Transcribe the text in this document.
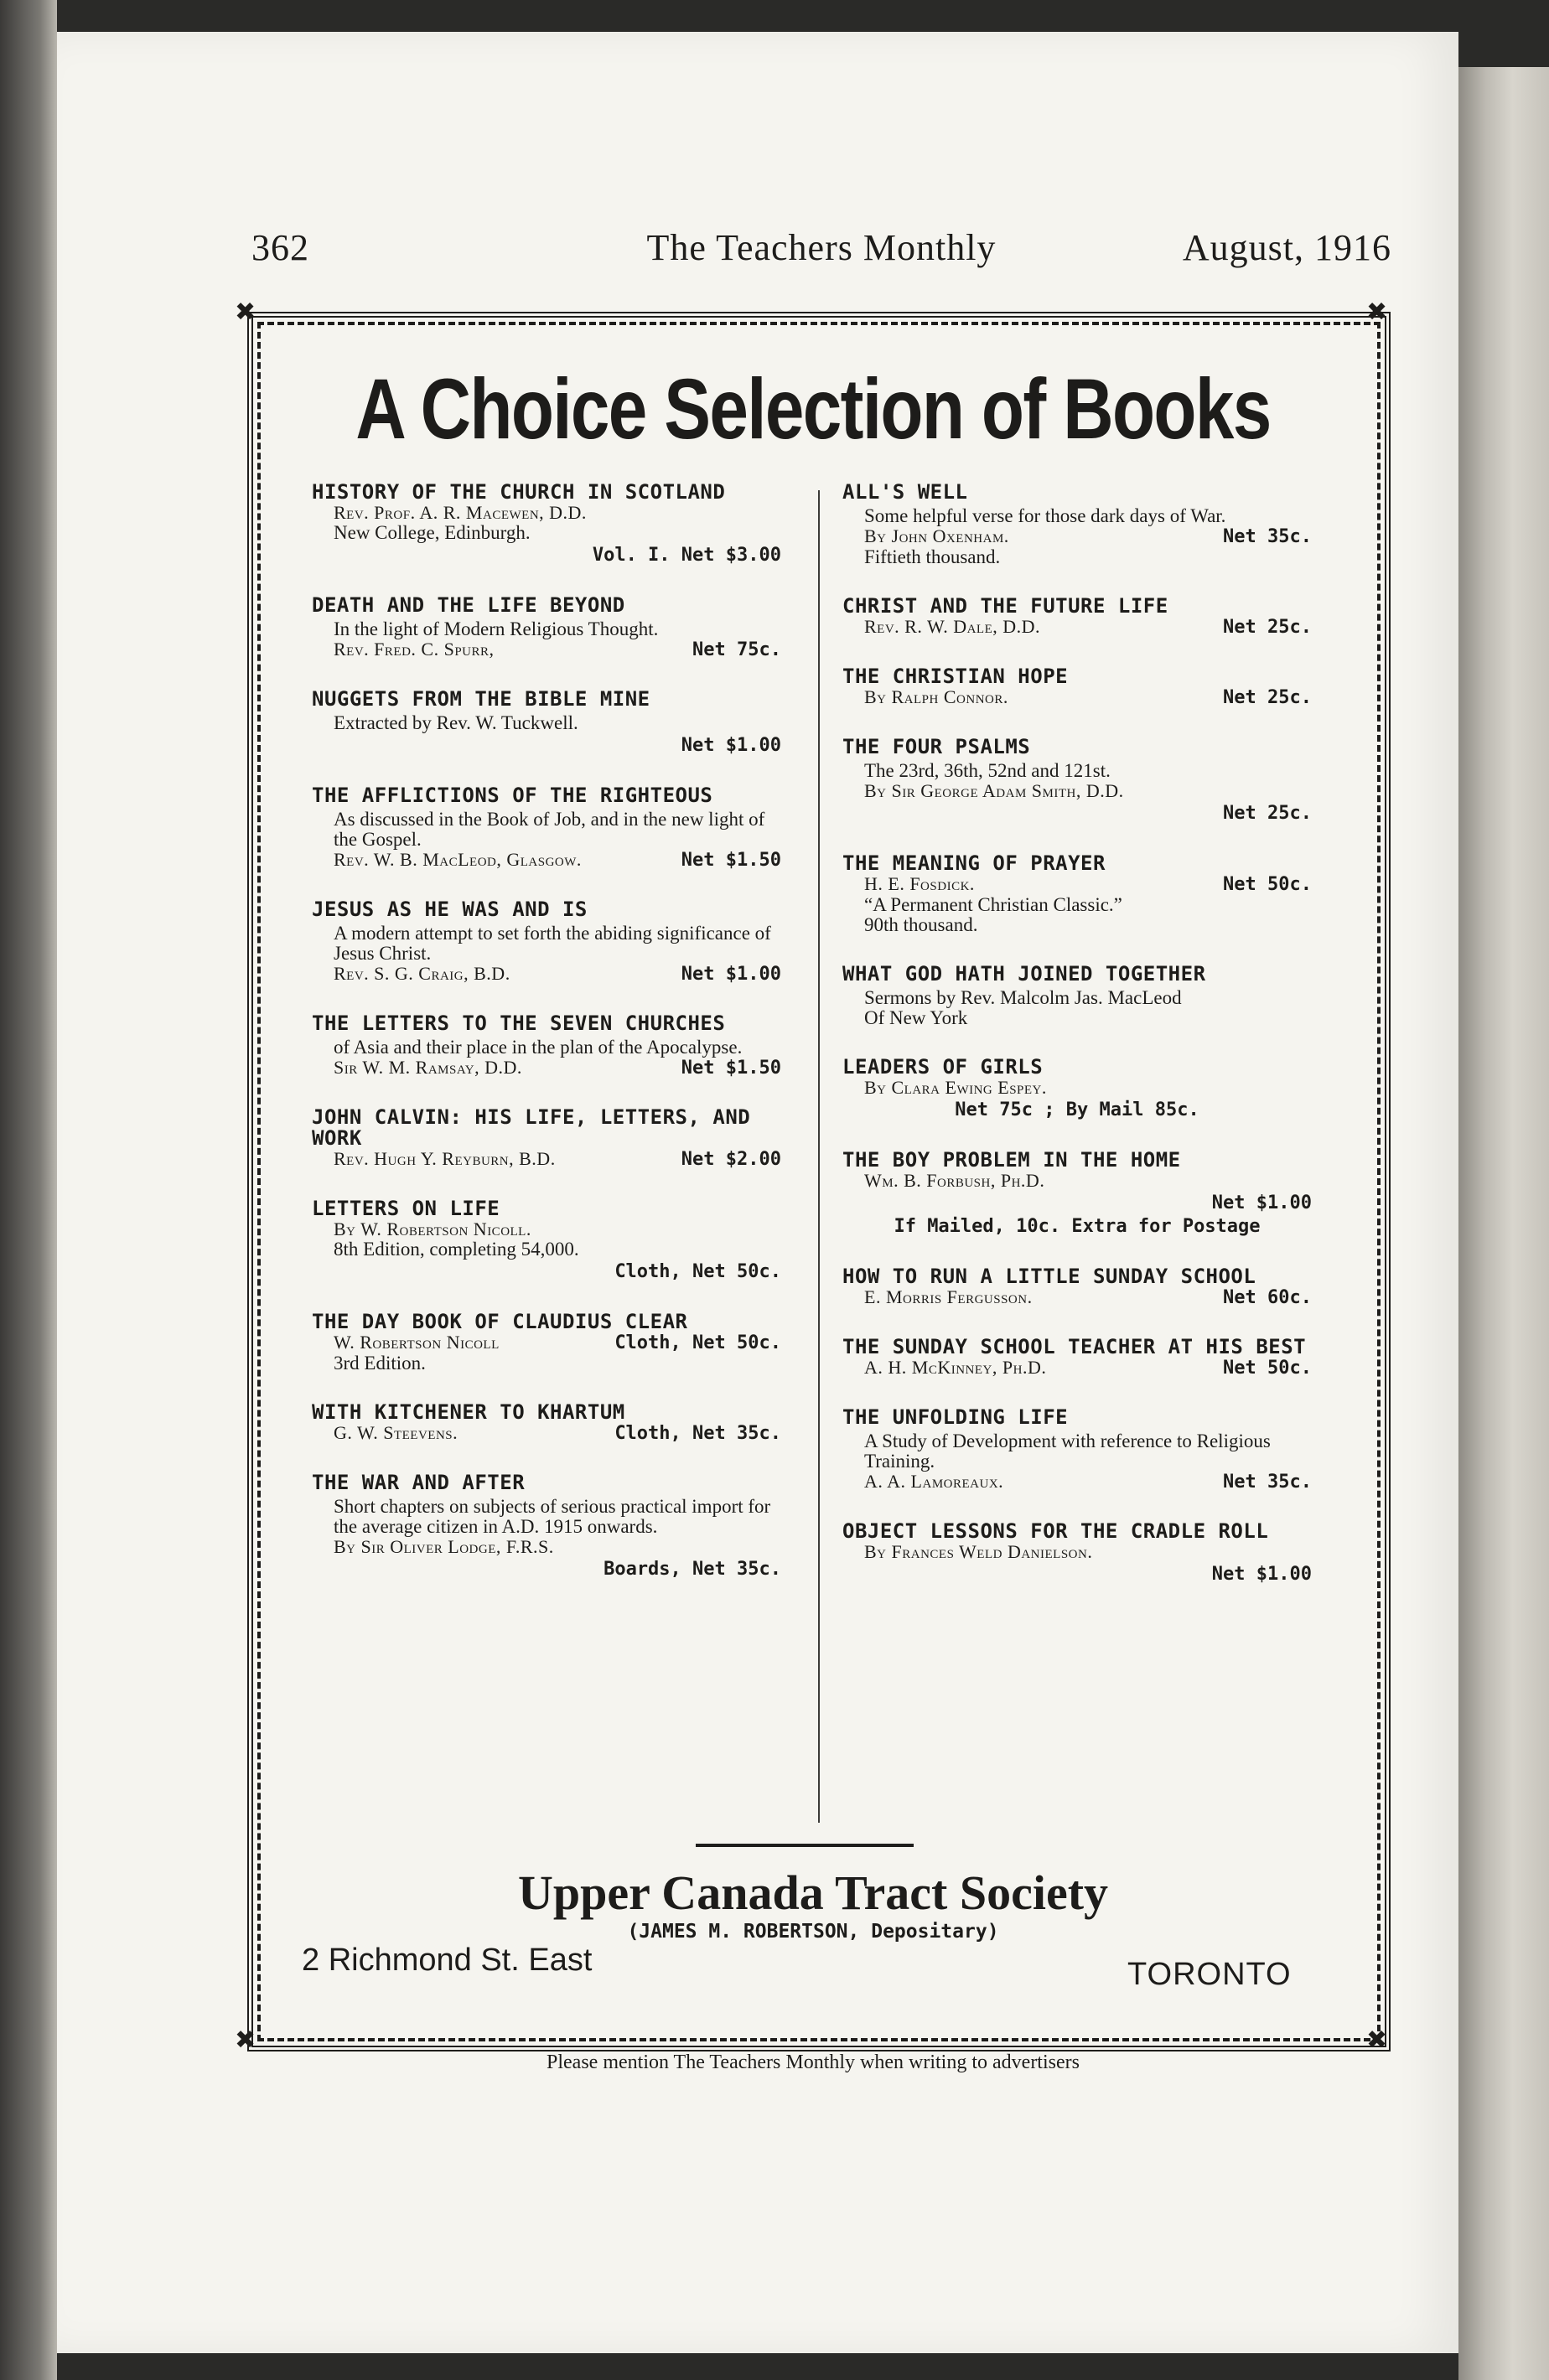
362	The Teachers Monthly	August, 1916
✖	✖
✖	✖
A Choice Selection of Books
HISTORY OF THE CHURCH IN SCOTLAND
Rev. Prof. A. R. Macewen, D.D.
New College, Edinburgh.
Vol. I. Net $3.00
DEATH AND THE LIFE BEYOND
In the light of Modern Religious Thought.
Rev. Fred. C. Spurr,	Net 75c.
NUGGETS FROM THE BIBLE MINE
Extracted by Rev. W. Tuckwell.
Net $1.00
THE AFFLICTIONS OF THE RIGHTEOUS
As discussed in the Book of Job, and in the new light of the Gospel.
Rev. W. B. MacLeod, Glasgow.	Net $1.50
JESUS AS HE WAS AND IS
A modern attempt to set forth the abiding significance of Jesus Christ.
Rev. S. G. Craig, B.D.	Net $1.00
THE LETTERS TO THE SEVEN CHURCHES
of Asia and their place in the plan of the Apocalypse.
Sir W. M. Ramsay, D.D.	Net $1.50
JOHN CALVIN: HIS LIFE, LETTERS, AND WORK
Rev. Hugh Y. Reyburn, B.D.	Net $2.00
LETTERS ON LIFE
By W. Robertson Nicoll.
8th Edition, completing 54,000.
Cloth, Net 50c.
THE DAY BOOK OF CLAUDIUS CLEAR
W. Robertson Nicoll	Cloth, Net 50c.
3rd Edition.
WITH KITCHENER TO KHARTUM
G. W. Steevens.	Cloth, Net 35c.
THE WAR AND AFTER
Short chapters on subjects of serious practical import for the average citizen in A.D. 1915 onwards.
By Sir Oliver Lodge, F.R.S.
Boards, Net 35c.
ALL'S WELL
Some helpful verse for those dark days of War.
By John Oxenham.	Net 35c.
Fiftieth thousand.
CHRIST AND THE FUTURE LIFE
Rev. R. W. Dale, D.D.	Net 25c.
THE CHRISTIAN HOPE
By Ralph Connor.	Net 25c.
THE FOUR PSALMS
The 23rd, 36th, 52nd and 121st.
By Sir George Adam Smith, D.D.
Net 25c.
THE MEANING OF PRAYER
H. E. Fosdick.	Net 50c.
“A Permanent Christian Classic.”
90th thousand.
WHAT GOD HATH JOINED TOGETHER
Sermons by Rev. Malcolm Jas. MacLeod
Of New York
LEADERS OF GIRLS
By Clara Ewing Espey.
Net 75c ; By Mail 85c.
THE BOY PROBLEM IN THE HOME
Wm. B. Forbush, Ph.D.
Net $1.00
If Mailed, 10c. Extra for Postage
HOW TO RUN A LITTLE SUNDAY SCHOOL
E. Morris Fergusson.	Net 60c.
THE SUNDAY SCHOOL TEACHER AT HIS BEST
A. H. McKinney, Ph.D.	Net 50c.
THE UNFOLDING LIFE
A Study of Development with reference to Religious Training.
A. A. Lamoreaux.	Net 35c.
OBJECT LESSONS FOR THE CRADLE ROLL
By Frances Weld Danielson.
Net $1.00
Upper Canada Tract Society
(JAMES M. ROBERTSON, Depositary)
2 Richmond St. East	TORONTO
Please mention The Teachers Monthly when writing to advertisers
